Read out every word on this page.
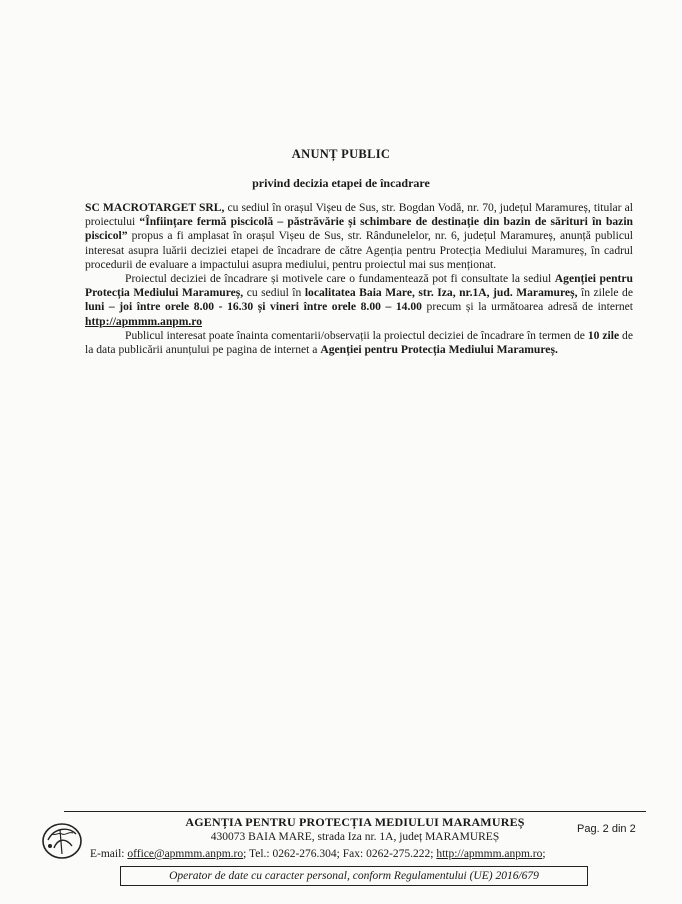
ANUNȚ PUBLIC
privind decizia etapei de încadrare

SC MACROTARGET SRL, cu sediul în orașul Vișeu de Sus, str. Bogdan Vodă, nr. 70, județul Maramureș, titular al proiectului “Înființare fermă piscicolă – păstrăvărie și schimbare de destinație din bazin de sărituri în bazin piscicol” propus a fi amplasat în orașul Vișeu de Sus, str. Rândunelelor, nr. 6, județul Maramureș, anunță publicul interesat asupra luării deciziei etapei de încadrare de către Agenția pentru Protecția Mediului Maramureș, în cadrul procedurii de evaluare a impactului asupra mediului, pentru proiectul mai sus menționat.

Proiectul deciziei de încadrare și motivele care o fundamentează pot fi consultate la sediul Agenției pentru Protecția Mediului Maramureș, cu sediul în localitatea Baia Mare, str. Iza, nr.1A, jud. Maramureș, în zilele de luni – joi între orele 8.00 - 16.30 și vineri între orele 8.00 – 14.00 precum și la următoarea adresă de internet http://apmmm.anpm.ro

Publicul interesat poate înainta comentarii/observații la proiectul deciziei de încadrare în termen de 10 zile de la data publicării anunțului pe pagina de internet a Agenției pentru Protecția Mediului Maramureș.

AGENȚIA PENTRU PROTECȚIA MEDIULUI MARAMUREȘ
430073 BAIA MARE, strada Iza nr. 1A, județ MARAMUREȘ
Pag. 2 din 2
E-mail: office@apmmm.anpm.ro; Tel.: 0262-276.304; Fax: 0262-275.222; http://apmmm.anpm.ro;
Operator de date cu caracter personal, conform Regulamentului (UE) 2016/679
